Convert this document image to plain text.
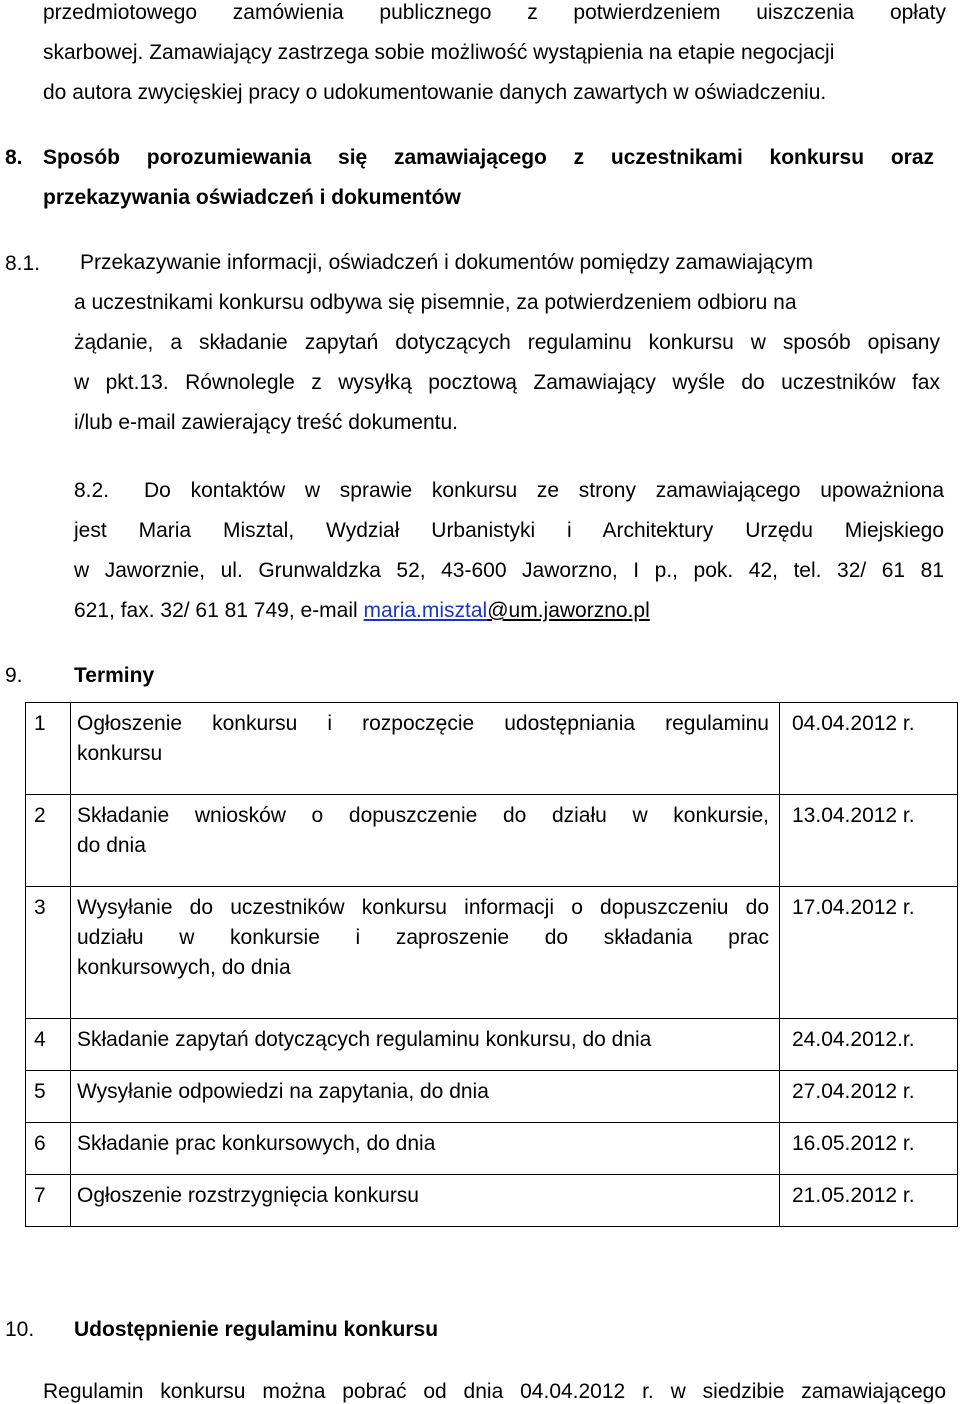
przedmiotowego zamówienia publicznego z potwierdzeniem uiszczenia opłaty
skarbowej. Zamawiający zastrzega sobie możliwość wystąpienia na etapie negocjacji
do autora zwycięskiej pracy o udokumentowanie danych zawartych w oświadczeniu.
8. Sposób porozumiewania się zamawiającego z uczestnikami konkursu oraz
przekazywania oświadczeń i dokumentów
8.1. Przekazywanie informacji, oświadczeń i dokumentów pomiędzy zamawiającym
a uczestnikami konkursu odbywa się pisemnie, za potwierdzeniem odbioru na
żądanie, a składanie zapytań dotyczących regulaminu konkursu w sposób opisany
w pkt.13. Równolegle z wysyłką pocztową Zamawiający wyśle do uczestników fax
i/lub e-mail zawierający treść dokumentu.
8.2. Do kontaktów w sprawie konkursu ze strony zamawiającego upoważniona
jest Maria Misztal, Wydział Urbanistyki i Architektury Urzędu Miejskiego
w Jaworznie, ul. Grunwaldzka 52, 43-600 Jaworzno, I p., pok. 42, tel. 32/ 61 81
621, fax. 32/ 61 81 749, e-mail maria.misztal@um.jaworzno.pl
9. Terminy
1	Ogłoszenie konkursu i rozpoczęcie udostępniania regulaminu
konkursu	04.04.2012 r.

2	Składanie wniosków o dopuszczenie do działu w konkursie,
do dnia	13.04.2012 r.

3	Wysyłanie do uczestników konkursu informacji o dopuszczeniu do
udziału w konkursie i zaproszenie do składania prac
konkursowych, do dnia	17.04.2012 r.

4	Składanie zapytań dotyczących regulaminu konkursu, do dnia	24.04.2012.r.

5	Wysyłanie odpowiedzi na zapytania, do dnia	27.04.2012 r.

6	Składanie prac konkursowych, do dnia	16.05.2012 r.

7	Ogłoszenie rozstrzygnięcia konkursu	21.05.2012 r.
10. Udostępnienie regulaminu konkursu
Regulamin konkursu można pobrać od dnia 04.04.2012 r. w siedzibie zamawiającego
